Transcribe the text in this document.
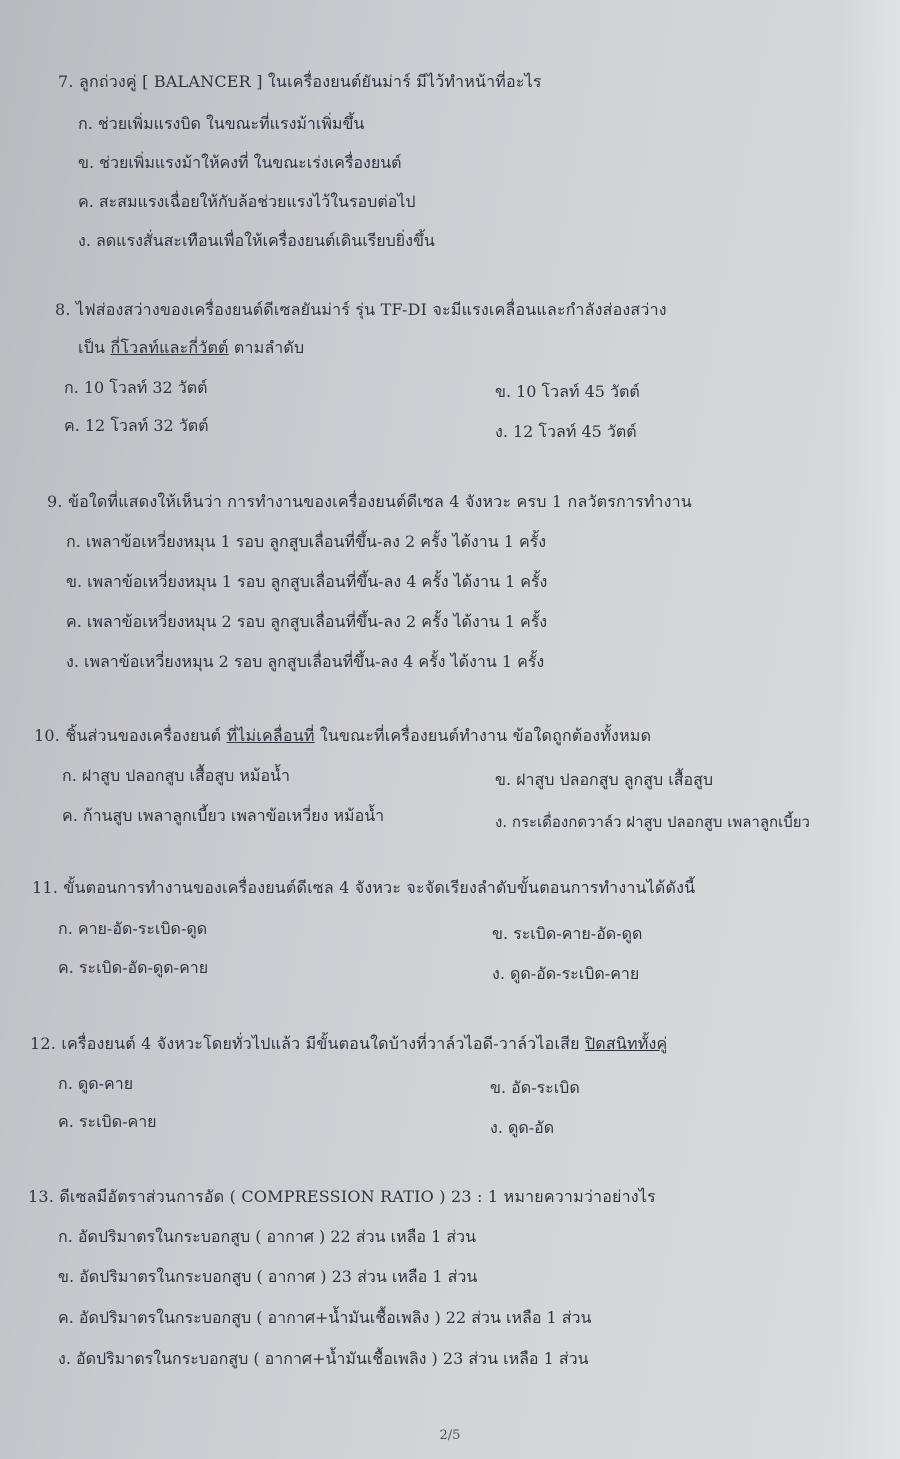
7. ลูกถ่วงคู่ [ BALANCER ] ในเครื่องยนต์ยันม่าร์ มีไว้ทำหน้าที่อะไร
ก. ช่วยเพิ่มแรงบิด ในขณะที่แรงม้าเพิ่มขึ้น
ข. ช่วยเพิ่มแรงม้าให้คงที่ ในขณะเร่งเครื่องยนต์
ค. สะสมแรงเฉื่อยให้กับล้อช่วยแรงไว้ในรอบต่อไป
ง. ลดแรงสั่นสะเทือนเพื่อให้เครื่องยนต์เดินเรียบยิ่งขึ้น
8. ไฟส่องสว่างของเครื่องยนต์ดีเซลยันม่าร์ รุ่น TF-DI จะมีแรงเคลื่อนและกำลังส่องสว่าง
เป็น กี่โวลท์และกี่วัตต์ ตามลำดับ
ก. 10 โวลท์ 32 วัตต์	ข. 10 โวลท์ 45 วัตต์
ค. 12 โวลท์ 32 วัตต์	ง. 12 โวลท์ 45 วัตต์
9. ข้อใดที่แสดงให้เห็นว่า การทำงานของเครื่องยนต์ดีเซล 4 จังหวะ ครบ 1 กลวัตรการทำงาน
ก. เพลาข้อเหวี่ยงหมุน 1 รอบ ลูกสูบเลื่อนที่ขึ้น-ลง 2 ครั้ง ได้งาน 1 ครั้ง
ข. เพลาข้อเหวี่ยงหมุน 1 รอบ ลูกสูบเลื่อนที่ขึ้น-ลง 4 ครั้ง ได้งาน 1 ครั้ง
ค. เพลาข้อเหวี่ยงหมุน 2 รอบ ลูกสูบเลื่อนที่ขึ้น-ลง 2 ครั้ง ได้งาน 1 ครั้ง
ง. เพลาข้อเหวี่ยงหมุน 2 รอบ ลูกสูบเลื่อนที่ขึ้น-ลง 4 ครั้ง ได้งาน 1 ครั้ง
10. ชิ้นส่วนของเครื่องยนต์ ที่ไม่เคลื่อนที่ ในขณะที่เครื่องยนต์ทำงาน ข้อใดถูกต้องทั้งหมด
ก. ฝาสูบ ปลอกสูบ เสื้อสูบ หม้อน้ำ	ข. ฝาสูบ ปลอกสูบ ลูกสูบ เสื้อสูบ
ค. ก้านสูบ เพลาลูกเบี้ยว เพลาข้อเหวี่ยง หม้อน้ำ	ง. กระเดื่องกดวาล์ว ฝาสูบ ปลอกสูบ เพลาลูกเบี้ยว
11. ขั้นตอนการทำงานของเครื่องยนต์ดีเซล 4 จังหวะ จะจัดเรียงลำดับขั้นตอนการทำงานได้ดังนี้
ก. คาย-อัด-ระเบิด-ดูด	ข. ระเบิด-คาย-อัด-ดูด
ค. ระเบิด-อัด-ดูด-คาย	ง. ดูด-อัด-ระเบิด-คาย
12. เครื่องยนต์ 4 จังหวะโดยทั่วไปแล้ว มีขั้นตอนใดบ้างที่วาล์วไอดี-วาล์วไอเสีย ปิดสนิททั้งคู่
ก. ดูด-คาย	ข. อัด-ระเบิด
ค. ระเบิด-คาย	ง. ดูด-อัด
13. ดีเซลมีอัตราส่วนการอัด ( COMPRESSION RATIO ) 23 : 1 หมายความว่าอย่างไร
ก. อัดปริมาตรในกระบอกสูบ ( อากาศ ) 22 ส่วน เหลือ 1 ส่วน
ข. อัดปริมาตรในกระบอกสูบ ( อากาศ ) 23 ส่วน เหลือ 1 ส่วน
ค. อัดปริมาตรในกระบอกสูบ ( อากาศ+น้ำมันเชื้อเพลิง ) 22 ส่วน เหลือ 1 ส่วน
ง. อัดปริมาตรในกระบอกสูบ ( อากาศ+น้ำมันเชื้อเพลิง ) 23 ส่วน เหลือ 1 ส่วน
2/5
